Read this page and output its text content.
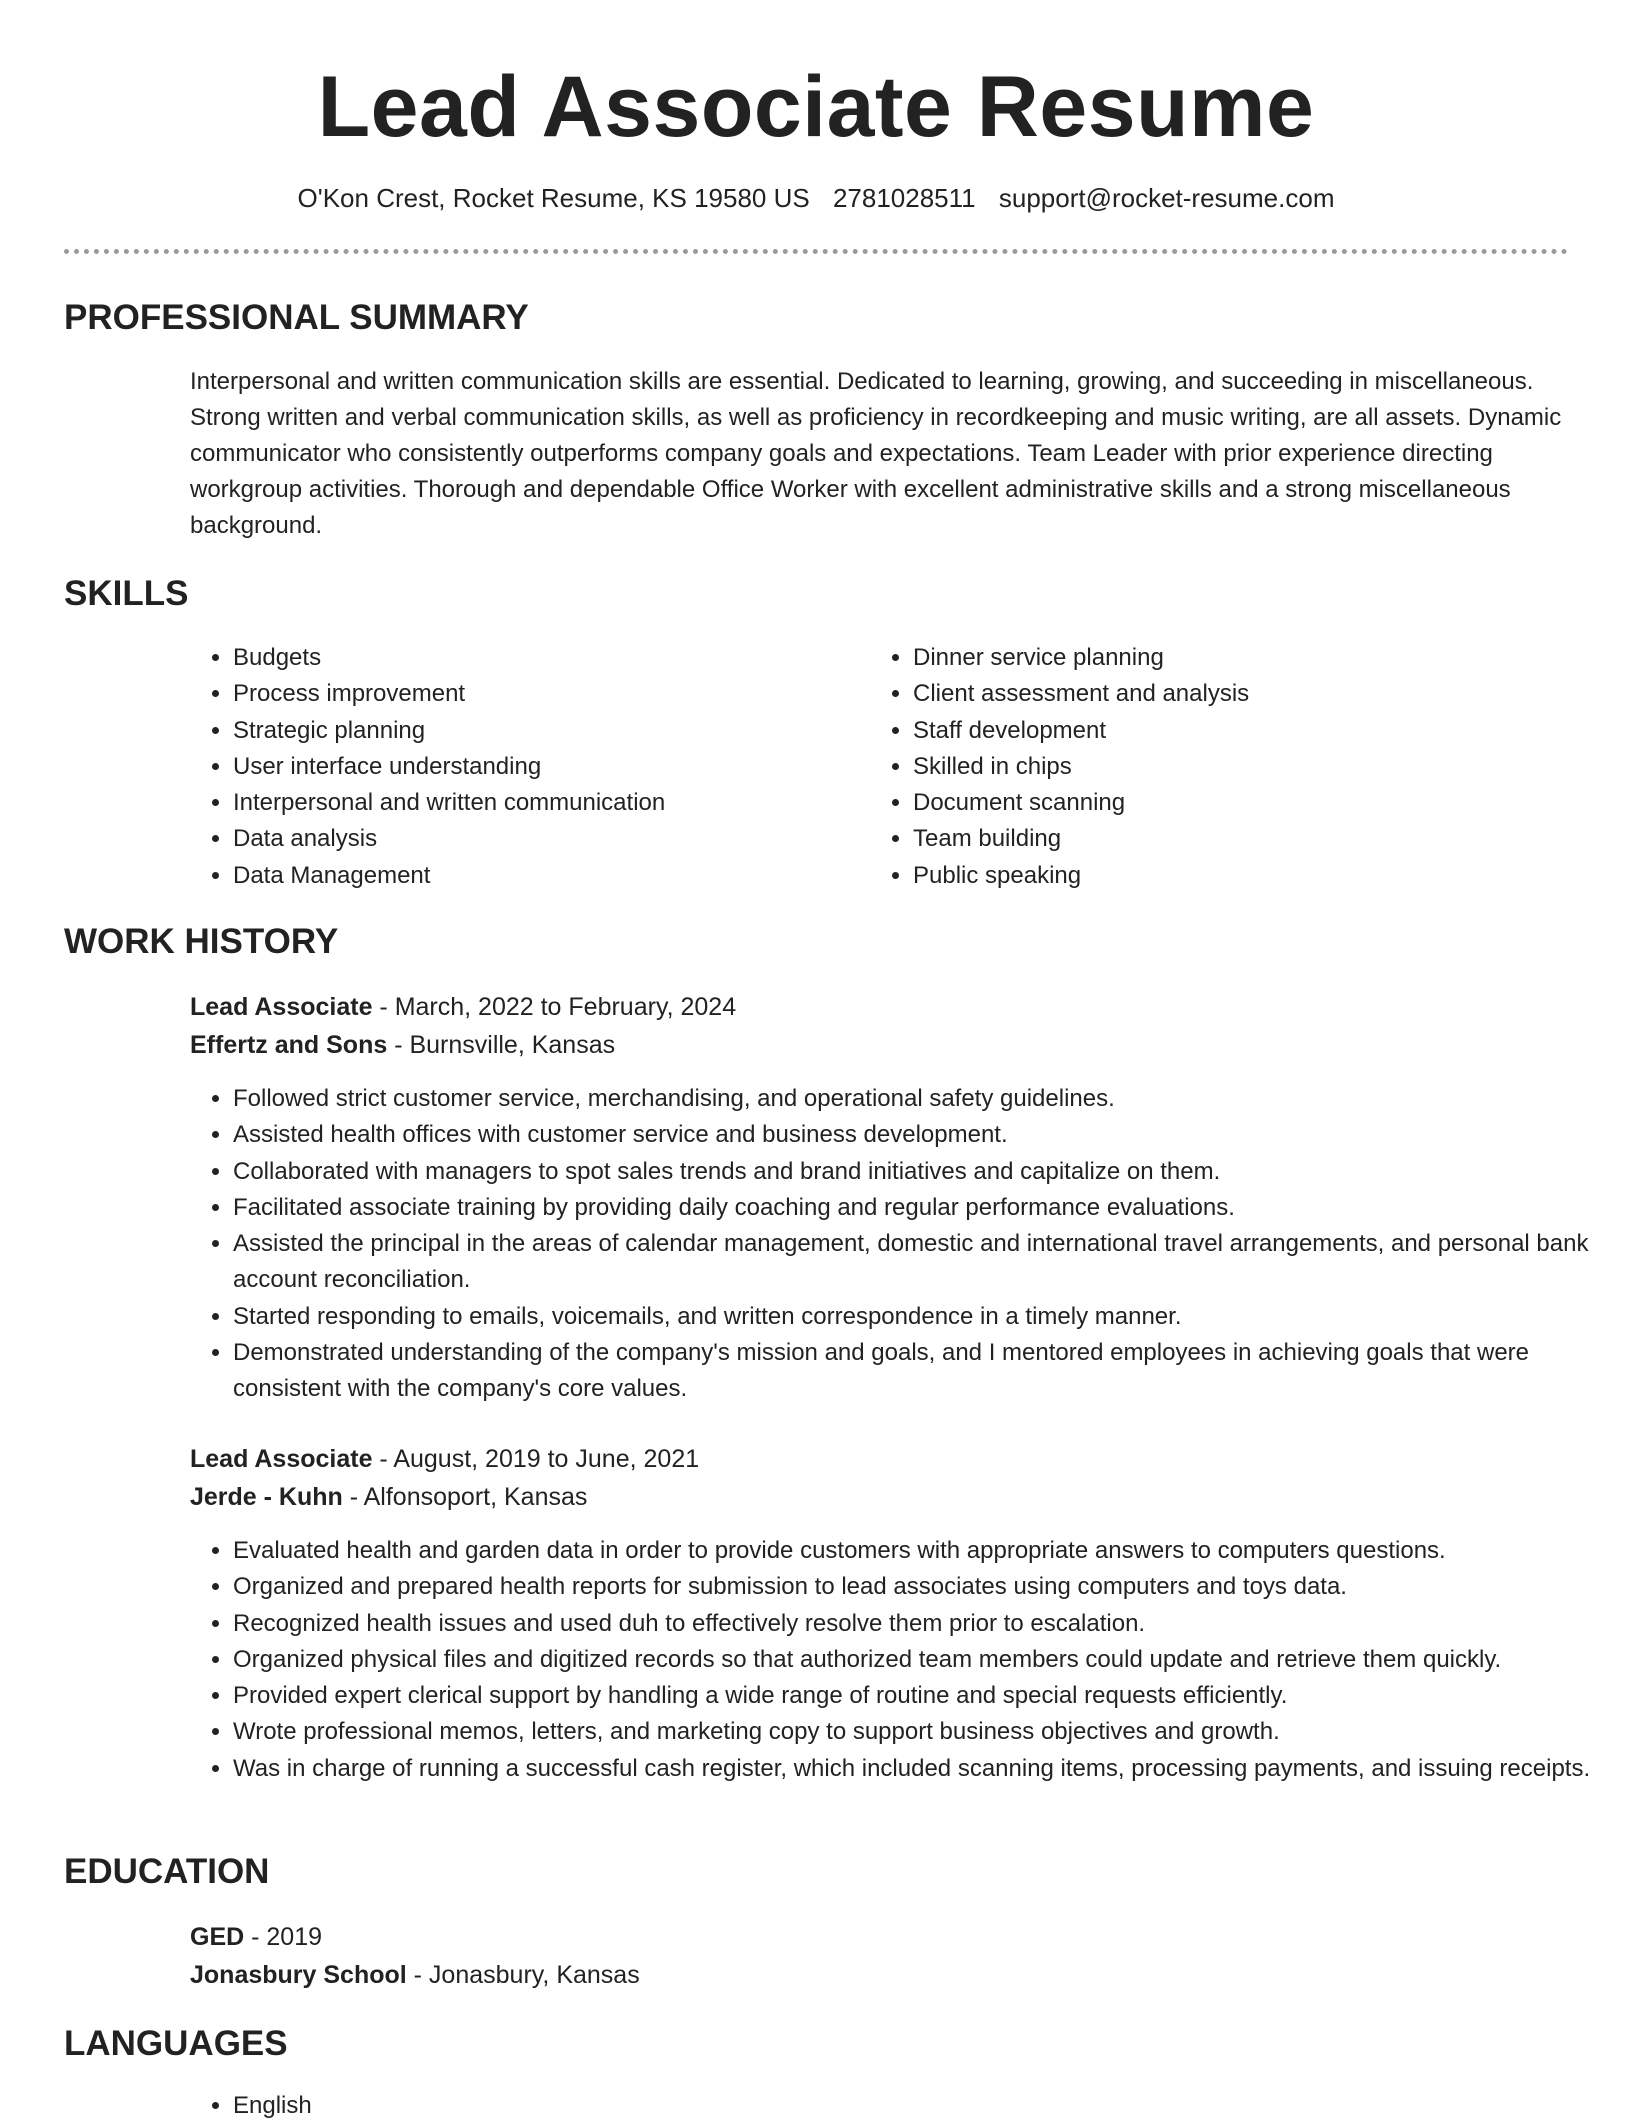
Lead Associate Resume
O'Kon Crest, Rocket Resume, KS 19580 US 2781028511 support@rocket-resume.com
PROFESSIONAL SUMMARY

Interpersonal and written communication skills are essential. Dedicated to learning, growing, and succeeding in miscellaneous. Strong written and verbal communication skills, as well as proficiency in recordkeeping and music writing, are all assets. Dynamic communicator who consistently outperforms company goals and expectations. Team Leader with prior experience directing workgroup activities. Thorough and dependable Office Worker with excellent administrative skills and a strong miscellaneous background.

SKILLS
• Budgets
• Process improvement
• Strategic planning
• User interface understanding
• Interpersonal and written communication
• Data analysis
• Data Management
• Dinner service planning
• Client assessment and analysis
• Staff development
• Skilled in chips
• Document scanning
• Team building
• Public speaking
WORK HISTORY
Lead Associate - March, 2022 to February, 2024
Effertz and Sons - Burnsville, Kansas
• Followed strict customer service, merchandising, and operational safety guidelines.
• Assisted health offices with customer service and business development.
• Collaborated with managers to spot sales trends and brand initiatives and capitalize on them.
• Facilitated associate training by providing daily coaching and regular performance evaluations.
• Assisted the principal in the areas of calendar management, domestic and international travel arrangements, and personal bank account reconciliation.
• Started responding to emails, voicemails, and written correspondence in a timely manner.
• Demonstrated understanding of the company's mission and goals, and I mentored employees in achieving goals that were consistent with the company's core values.
Lead Associate - August, 2019 to June, 2021
Jerde - Kuhn - Alfonsoport, Kansas
• Evaluated health and garden data in order to provide customers with appropriate answers to computers questions.
• Organized and prepared health reports for submission to lead associates using computers and toys data.
• Recognized health issues and used duh to effectively resolve them prior to escalation.
• Organized physical files and digitized records so that authorized team members could update and retrieve them quickly.
• Provided expert clerical support by handling a wide range of routine and special requests efficiently.
• Wrote professional memos, letters, and marketing copy to support business objectives and growth.
• Was in charge of running a successful cash register, which included scanning items, processing payments, and issuing receipts.
EDUCATION
GED - 2019
Jonasbury School - Jonasbury, Kansas
LANGUAGES
• English
